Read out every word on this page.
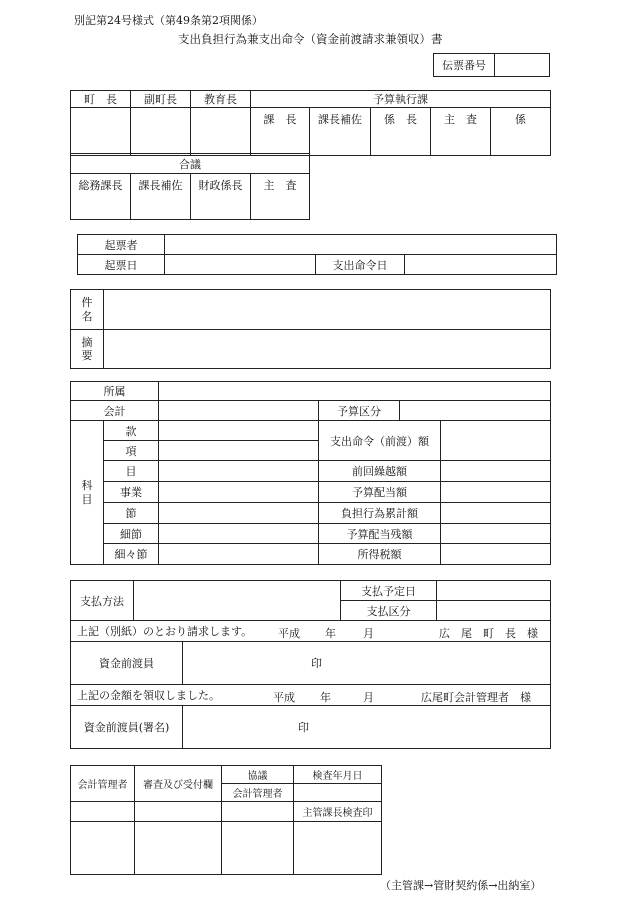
別記第24号様式（第49条第2項関係）
支出負担行為兼支出命令（資金前渡請求兼領収）書
伝票番号	
町　長	副町長	教育長	予算執行課				
			課　長	課長補佐	係　長	主　査	係
合議
総務課長	課長補佐	財政係長	主　査
起票者			
起票日		支出命令日	
件名	
摘要	
所属					
会計			予算区分		
科目	款		支出命令（前渡）額		
	項				
	目		前回繰越額		
	事業		予算配当額		
	節		負担行為累計額		
	細節		予算配当残額		
	細々節		所得税額		
支払方法			支払予定日	
			支払区分	
上記（別紙）のとおり請求します。 平成 年 月 広　尾　町　長　様				

資金前渡員		印		
上記の金額を領収しました。 平成 年 月 広尾町会計管理者　様				

資金前渡員(署名)		印		
会計管理者	審査及び受付欄	協議	検査年月日
		会計管理者	
			主管課長検査印

（主管課→管財契約係→出納室）
